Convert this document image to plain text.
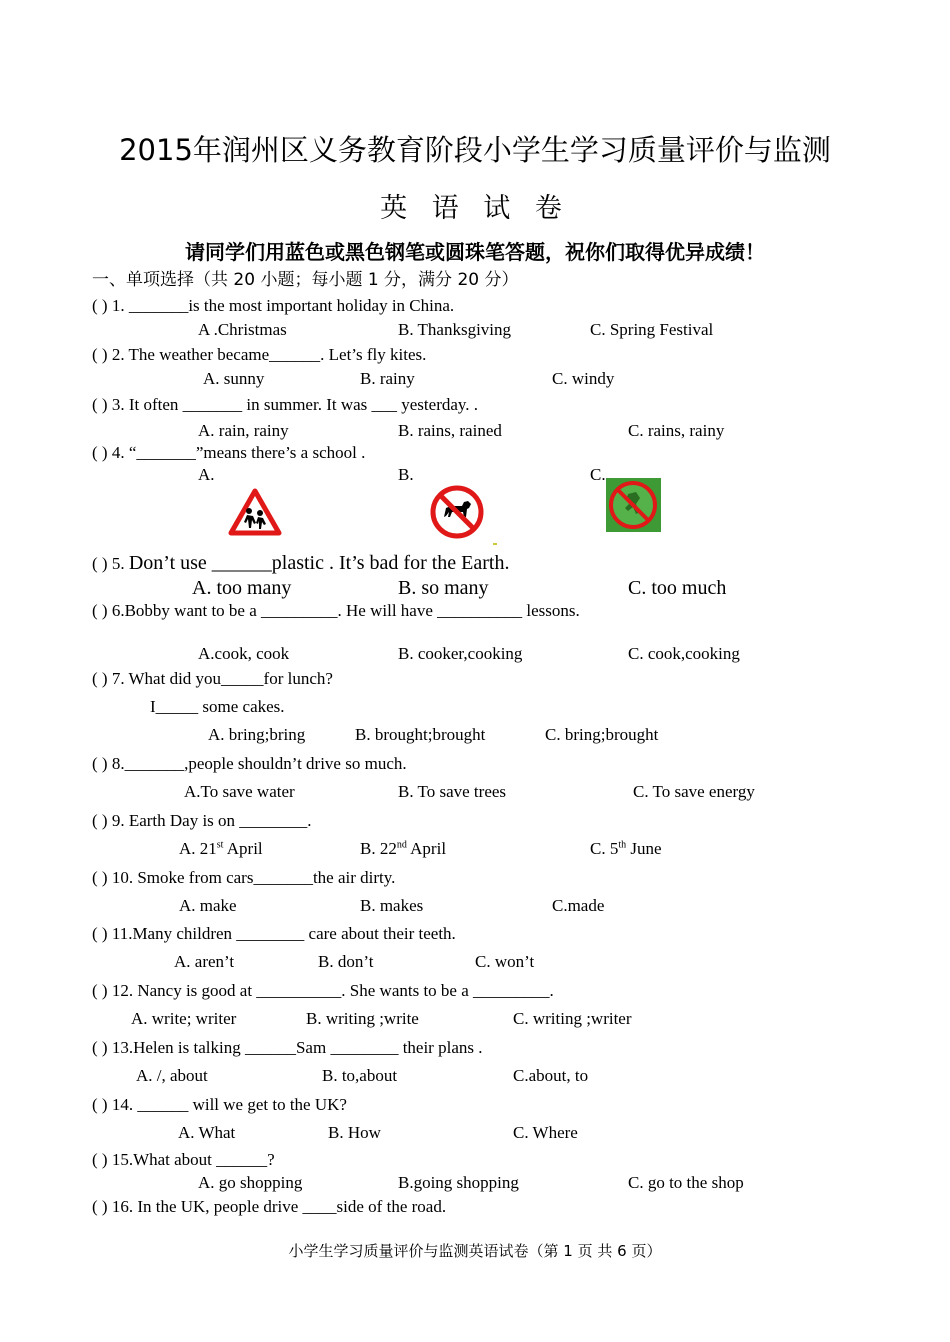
2015年润州区义务教育阶段小学生学习质量评价与监测
英 语 试 卷
请同学们用蓝色或黑色钢笔或圆珠笔答题，祝你们取得优异成绩！
一、单项选择（共 20 小题；每小题 1 分，满分 20 分）
( ) 1. _______is the most important holiday in China.
A .Christmas	B. Thanksgiving	C. Spring Festival
( ) 2. The weather became______. Let’s fly kites.
A. sunny	B. rainy	C. windy
( ) 3. It often _______ in summer. It was ___ yesterday. .
A. rain, rainy	B. rains, rained	C. rains, rainy
( ) 4. “_______”means there’s a school .
A.	B.	C.
( ) 5. Don’t use ______plastic . It’s bad for the Earth.
A. too many	B. so many	C. too much
( ) 6.Bobby want to be a _________. He will have __________ lessons.
A.cook, cook	B. cooker,cooking	C. cook,cooking
( ) 7. What did you_____for lunch?
I_____ some cakes.
A. bring;bring	B. brought;brought	C. bring;brought
( ) 8._______,people shouldn’t drive so much.
A.To save water	B. To save trees	C. To save energy
( ) 9. Earth Day is on ________.
A. 21st April	B. 22nd April	C. 5th June
( ) 10. Smoke from cars_______the air dirty.
A. make	B. makes	C.made
( ) 11.Many children ________ care about their teeth.
A. aren’t	B. don’t	C. won’t
( ) 12. Nancy is good at __________. She wants to be a _________.
A. write; writer	B. writing ;write	C. writing ;writer
( ) 13.Helen is talking ______Sam ________ their plans .
A. /, about	B. to,about	C.about, to
( ) 14. ______ will we get to the UK?
A. What	B. How	C. Where
( ) 15.What about ______?
A. go shopping	B.going shopping	C. go to the shop
( ) 16. In the UK, people drive ____side of the road.
小学生学习质量评价与监测英语试卷（第 1 页 共 6 页）
